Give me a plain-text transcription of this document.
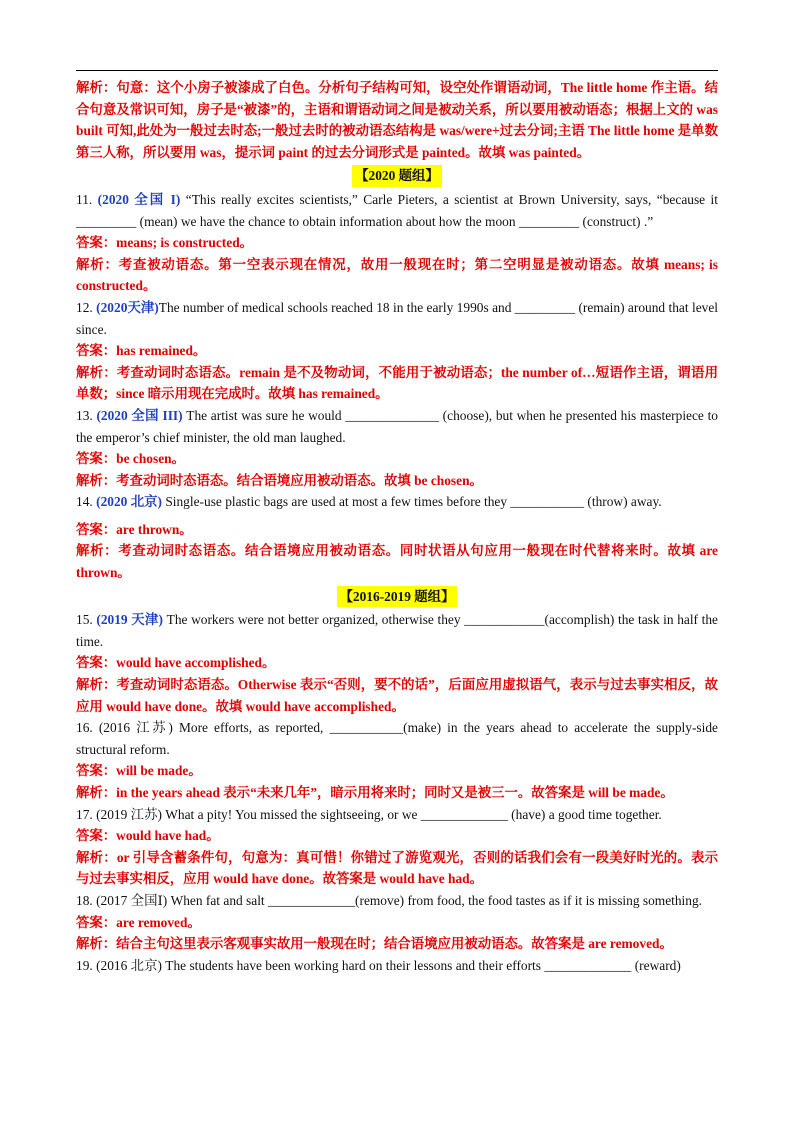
解析：句意：这个小房子被漆成了白色。分析句子结构可知，设空处作谓语动词，The little home 作主语。结合句意及常识可知，房子是“被漆”的，主语和谓语动词之间是被动关系，所以要用被动语态；根据上文的 was built 可知,此处为一般过去时态;一般过去时的被动语态结构是 was/were+过去分词;主语 The little home 是单数第三人称，所以要用 was，提示词 paint 的过去分词形式是 painted。故填 was painted。

【2020 题组】

11. (2020 全国 I) “This really excites scientists,” Carle Pieters, a scientist at Brown University, says, “because it _________ (mean) we have the chance to obtain information about how the moon _________ (construct) .”

答案：means; is constructed。

解析：考查被动语态。第一空表示现在情况，故用一般现在时；第二空明显是被动语态。故填 means; is constructed。

12. (2020天津)The number of medical schools reached 18 in the early 1990s and _________ (remain) around that level since.

答案：has remained。

解析：考查动词时态语态。remain 是不及物动词，不能用于被动语态；the number of…短语作主语，谓语用单数；since 暗示用现在完成时。故填 has remained。

13. (2020 全国 III) The artist was sure he would ______________ (choose), but when he presented his masterpiece to the emperor’s chief minister, the old man laughed.

答案：be chosen。

解析：考查动词时态语态。结合语境应用被动语态。故填 be chosen。

14. (2020 北京) Single-use plastic bags are used at most a few times before they ___________ (throw) away.

答案：are thrown。

解析：考查动词时态语态。结合语境应用被动语态。同时状语从句应用一般现在时代替将来时。故填 are thrown。

【2016-2019 题组】

15. (2019 天津) The workers were not better organized, otherwise they ____________(accomplish) the task in half the time.

答案：would have accomplished。

解析：考查动词时态语态。Otherwise 表示“否则，要不的话”，后面应用虚拟语气，表示与过去事实相反，故应用 would have done。故填 would have accomplished。

16. (2016 江苏) More efforts, as reported, ___________(make) in the years ahead to accelerate the supply-side structural reform.

答案：will be made。

解析：in the years ahead 表示“未来几年”，暗示用将来时；同时又是被三一。故答案是 will be made。

17. (2019 江苏) What a pity! You missed the sightseeing, or we _____________ (have) a good time together.

答案：would have had。

解析：or 引导含蓄条件句，句意为：真可惜！你错过了游览观光，否则的话我们会有一段美好时光的。表示与过去事实相反，应用 would have done。故答案是 would have had。

18. (2017 全国Ⅰ) When fat and salt _____________(remove) from food, the food tastes as if it is missing something.

答案：are removed。

解析：结合主句这里表示客观事实故用一般现在时；结合语境应用被动语态。故答案是 are removed。

19. (2016 北京) The students have been working hard on their lessons and their efforts _____________ (reward)
